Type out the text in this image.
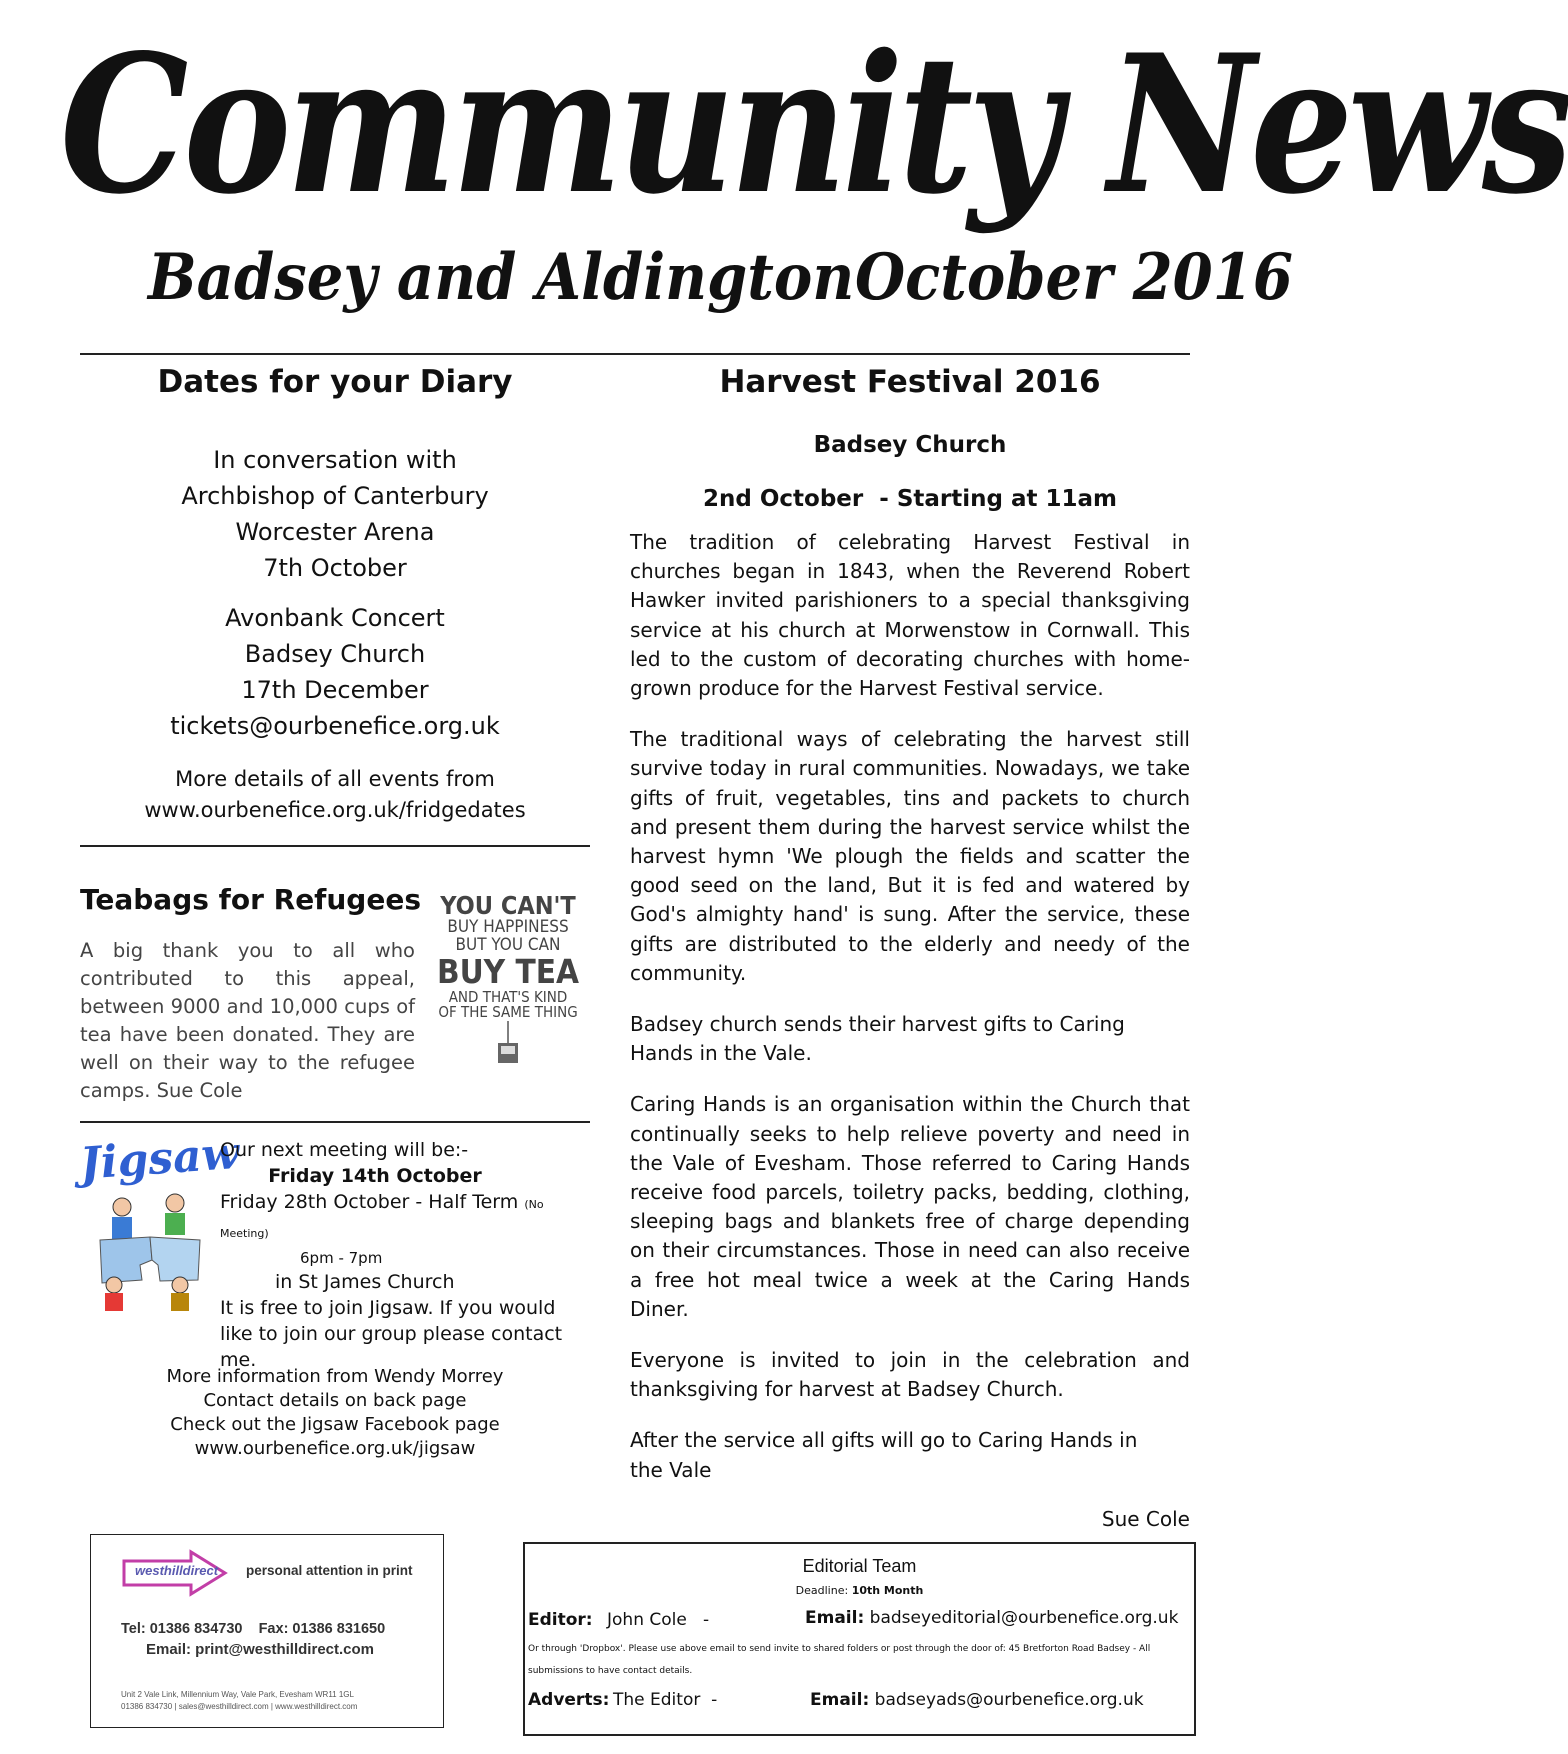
Community News
Badsey and Aldington October 2016
Dates for your Diary
In conversation with
Archbishop of Canterbury
Worcester Arena
7th October
Avonbank Concert
Badsey Church
17th December
tickets@ourbenefice.org.uk
More details of all events from
www.ourbenefice.org.uk/fridgedates
Teabags for Refugees
A big thank you to all who contributed to this appeal, between 9000 and 10,000 cups of tea have been donated. They are well on their way to the refugee camps. Sue Cole
YOU CAN'T
BUY HAPPINESS
BUT YOU CAN
BUY TEA
AND THAT'S KIND
OF THE SAME THING
Jigsaw
Our next meeting will be:-
Friday 14th October
Friday 28th October - Half Term (No Meeting)
6pm - 7pm
in St James Church
It is free to join Jigsaw. If you would like to join our group please contact me.
More information from Wendy Morrey
Contact details on back page
Check out the Jigsaw Facebook page
www.ourbenefice.org.uk/jigsaw
Harvest Festival 2016
Badsey Church
2nd October  - Starting at 11am

The tradition of celebrating Harvest Festival in churches began in 1843, when the Reverend Robert Hawker invited parishioners to a special thanksgiving service at his church at Morwenstow in Cornwall. This led to the custom of decorating churches with home-grown produce for the Harvest Festival service.

The traditional ways of celebrating the harvest still survive today in rural communities. Nowadays, we take gifts of fruit, vegetables, tins and packets to church and present them during the harvest service whilst the harvest hymn 'We plough the fields and scatter the good seed on the land, But it is fed and watered by God's almighty hand' is sung. After the service, these gifts are distributed to the elderly and needy of the community.

Badsey church sends their harvest gifts to Caring Hands in the Vale.

Caring Hands is an organisation within the Church that continually seeks to help relieve poverty and need in the Vale of Evesham. Those referred to Caring Hands receive food parcels, toiletry packs, bedding, clothing, sleeping bags and blankets free of charge depending on their circumstances. Those in need can also receive a free hot meal twice a week at the Caring Hands Diner.

Everyone is invited to join in the celebration and thanksgiving for harvest at Badsey Church.

After the service all gifts will go to Caring Hands in the Vale

Sue Cole
westhilldirect personal attention in print
Tel: 01386 834730    Fax: 01386 831650
Email: print@westhilldirect.com
Unit 2 Vale Link, Millennium Way, Vale Park, Evesham WR11 1GL
01386 834730 | sales@westhilldirect.com | www.westhilldirect.com
Editorial Team
Deadline: 10th Month
Editor: John Cole   -	Email: badseyeditorial@ourbenefice.org.uk
Or through 'Dropbox'. Please use above email to send invite to shared folders or post through the door of: 45 Bretforton Road Badsey - All submissions to have contact details.
Adverts: The Editor  -	Email: badseyads@ourbenefice.org.uk
